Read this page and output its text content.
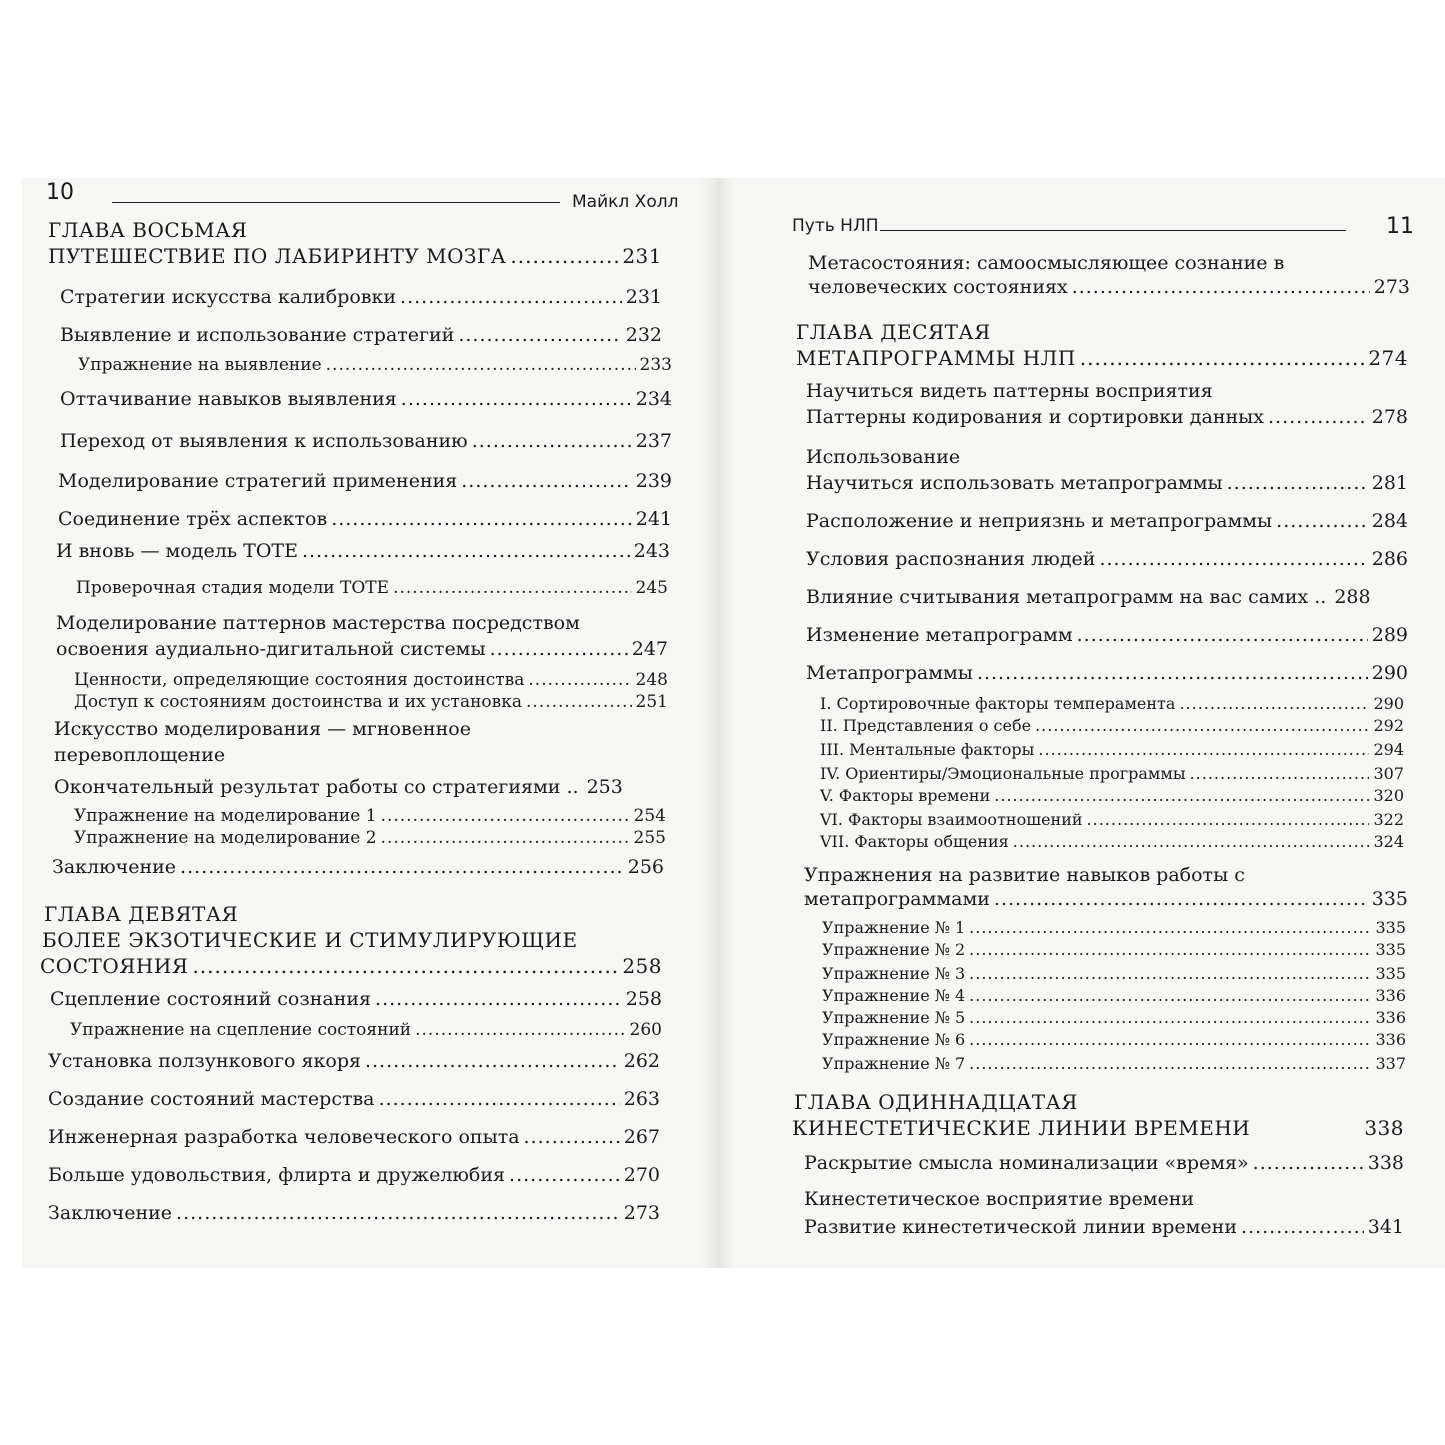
10	Майкл Холл
ГЛАВА ВОСЬМАЯ
ПУТЕШЕСТВИЕ ПО ЛАБИРИНТУ МОЗГА .....	231
Стратегии искусства калибровки .....	231
Выявление и использование стратегий .....	232
Упражнение на выявление .....	233
Оттачивание навыков выявления .....	234
Переход от выявления к использованию .....	237
Моделирование стратегий применения .....	239
Соединение трёх аспектов .....	241
И вновь — модель TOTE .....	243
Проверочная стадия модели TOTE .....	245
Моделирование паттернов мастерства посредством
освоения аудиально-дигитальной системы .....	247
Ценности, определяющие состояния достоинства .....	248
Доступ к состояниям достоинства и их установка .....	251
Искусство моделирования — мгновенное
перевоплощение
Окончательный результат работы со стратегиями .. 253
Упражнение на моделирование 1 .....	254
Упражнение на моделирование 2 .....	255
Заключение .....	256
ГЛАВА ДЕВЯТАЯ
БОЛЕЕ ЭКЗОТИЧЕСКИЕ И СТИМУЛИРУЮЩИЕ
СОСТОЯНИЯ .....	258
Сцепление состояний сознания .....	258
Упражнение на сцепление состояний .....	260
Установка ползункового якоря .....	262
Создание состояний мастерства .....	263
Инженерная разработка человеческого опыта .....	267
Больше удовольствия, флирта и дружелюбия .....	270
Заключение .....	273
Путь НЛП	11
Метасостояния: самоосмысляющее сознание в
человеческих состояниях .....	273
ГЛАВА ДЕСЯТАЯ
МЕТАПРОГРАММЫ НЛП .....	274
Научиться видеть паттерны восприятия
Паттерны кодирования и сортировки данных .....	278
Использование
Научиться использовать метапрограммы .....	281
Расположение и неприязнь и метапрограммы .....	284
Условия распознания людей .....	286
Влияние считывания метапрограмм на вас самих .. 288
Изменение метапрограмм .....	289
Метапрограммы .....	290
I. Сортировочные факторы темперамента .....	290
II. Представления о себе .....	292
III. Ментальные факторы .....	294
IV. Ориентиры/Эмоциональные программы .....	307
V. Факторы времени .....	320
VI. Факторы взаимоотношений .....	322
VII. Факторы общения .....	324
Упражнения на развитие навыков работы с
метапрограммами .....	335
Упражнение № 1 .....	335
Упражнение № 2 .....	335
Упражнение № 3 .....	335
Упражнение № 4 .....	336
Упражнение № 5 .....	336
Упражнение № 6 .....	336
Упражнение № 7 .....	337
ГЛАВА ОДИННАДЦАТАЯ
КИНЕСТЕТИЧЕСКИЕ ЛИНИИ ВРЕМЕНИ	338
Раскрытие смысла номинализации «время» .....	338
Кинестетическое восприятие времени
Развитие кинестетической линии времени .....	341
